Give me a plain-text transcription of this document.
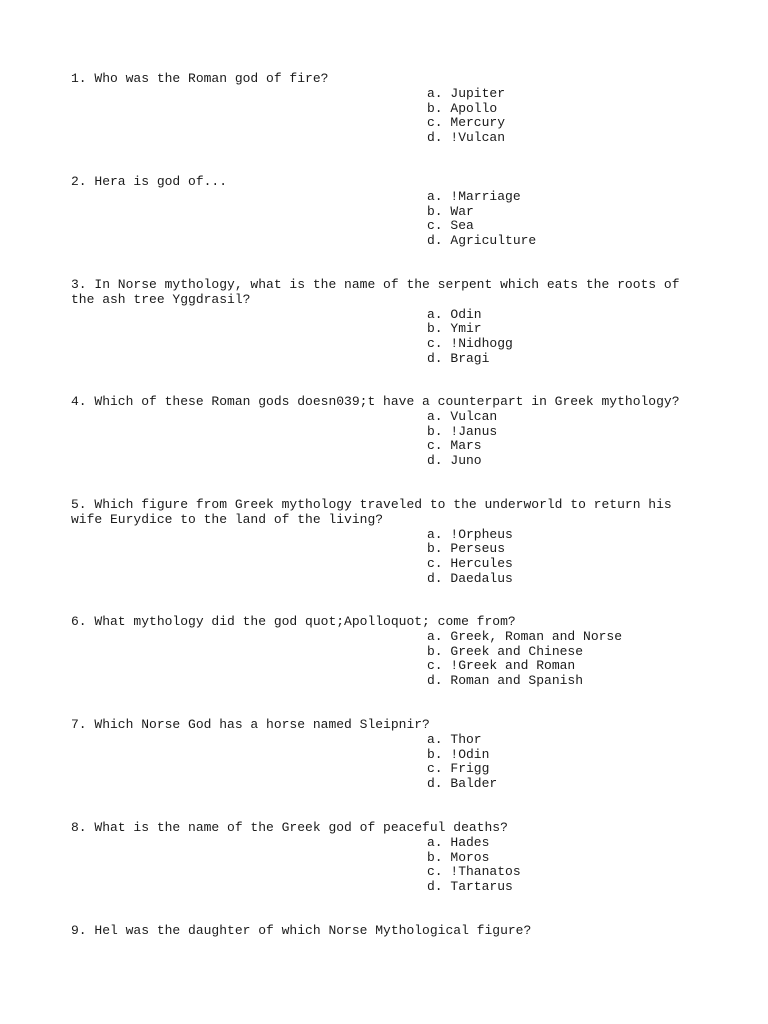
1. Who was the Roman god of fire?

a. Jupiter
b. Apollo
c. Mercury
d. !Vulcan

2. Hera is god of...

a. !Marriage
b. War
c. Sea
d. Agriculture

3. In Norse mythology, what is the name of the serpent which eats the roots of the ash tree Yggdrasil?

a. Odin
b. Ymir
c. !Nidhogg
d. Bragi

4. Which of these Roman gods doesn039;t have a counterpart in Greek mythology?

a. Vulcan
b. !Janus
c. Mars
d. Juno

5. Which figure from Greek mythology traveled to the underworld to return his wife Eurydice to the land of the living?

a. !Orpheus
b. Perseus
c. Hercules
d. Daedalus

6. What mythology did the god quot;Apolloquot; come from?

a. Greek, Roman and Norse
b. Greek and Chinese
c. !Greek and Roman
d. Roman and Spanish

7. Which Norse God has a horse named Sleipnir?

a. Thor
b. !Odin
c. Frigg
d. Balder

8. What is the name of the Greek god of peaceful deaths?

a. Hades
b. Moros
c. !Thanatos
d. Tartarus

9. Hel was the daughter of which Norse Mythological figure?
